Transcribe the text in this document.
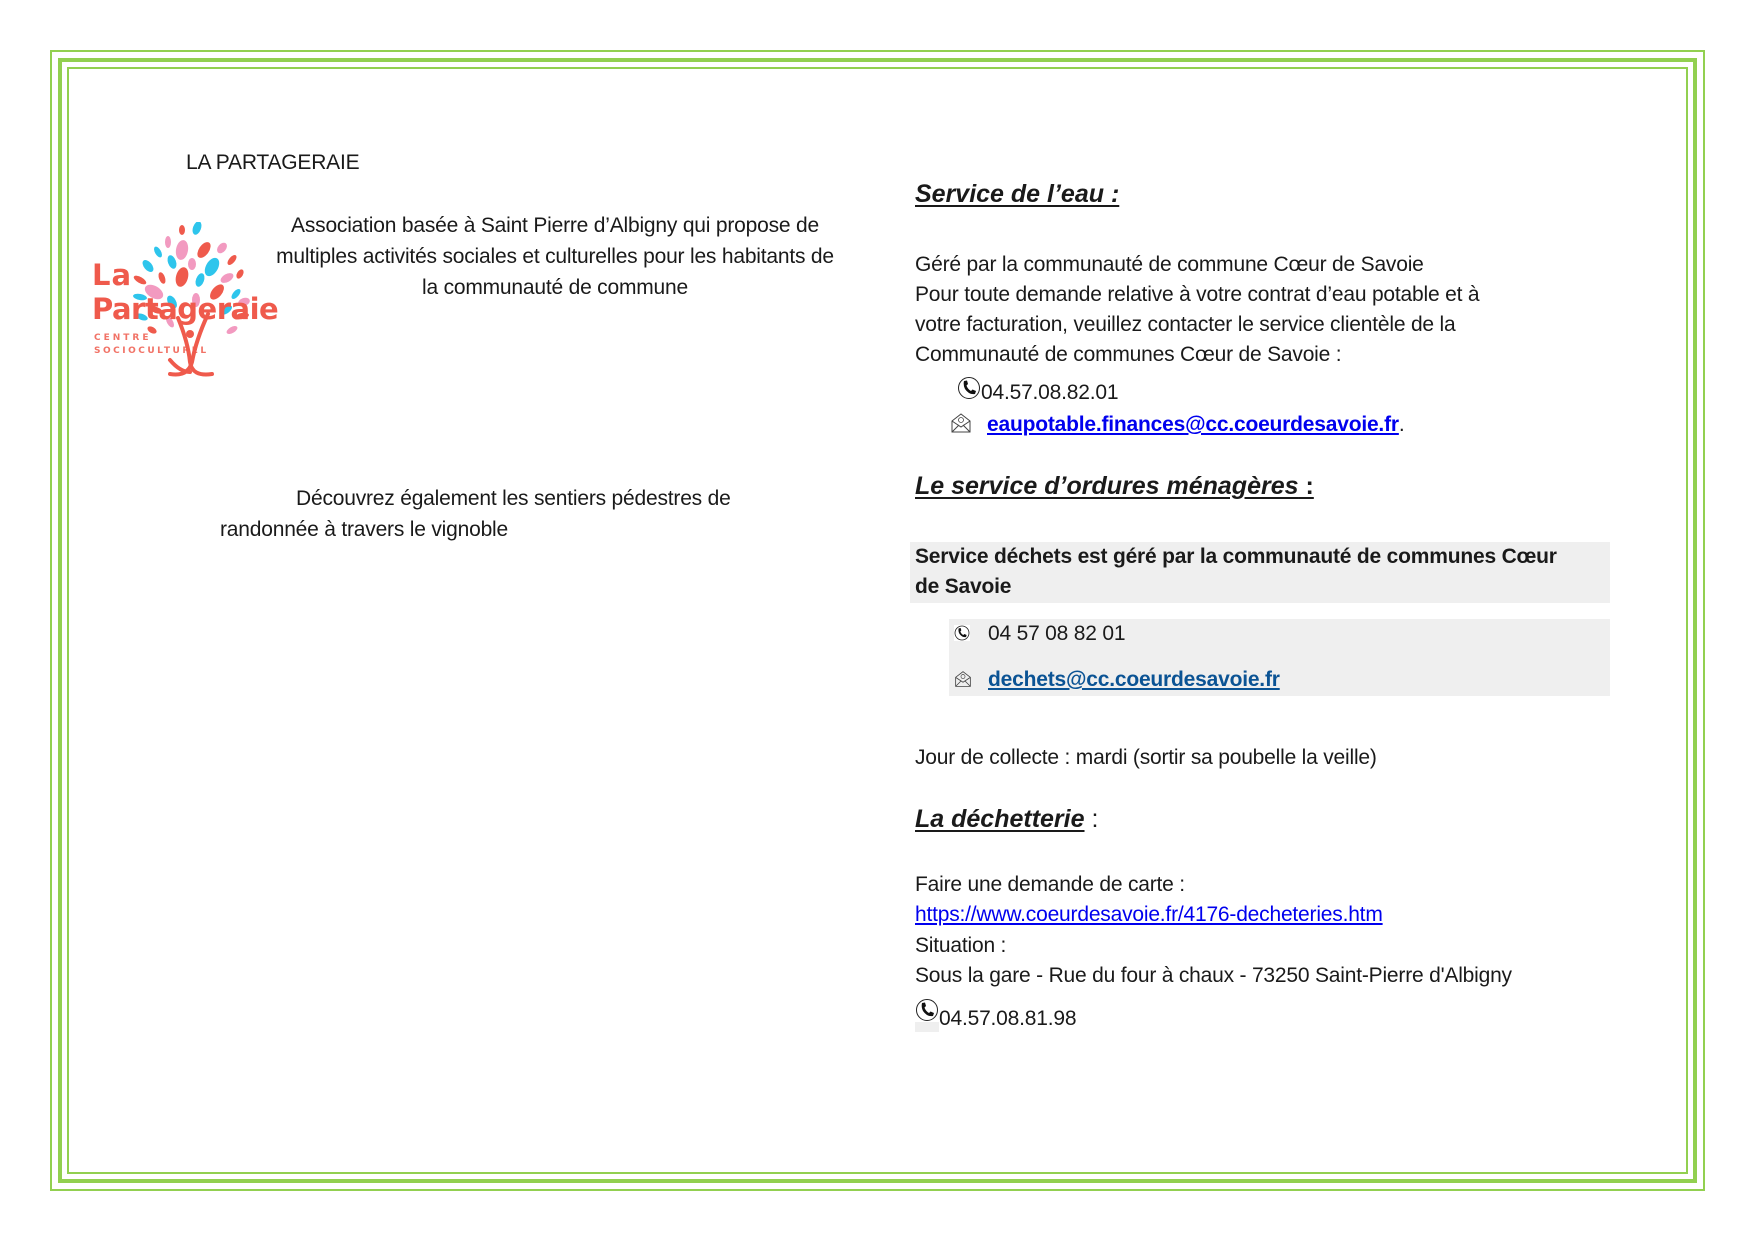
LA PARTAGERAIE
La
Partageraie
CENTRE
SOCIOCULTUREL
Association basée à Saint Pierre d’Albigny qui propose de multiples activités sociales et culturelles pour les habitants de la communauté de commune
Découvrez également les sentiers pédestres de
randonnée à travers le vignoble
Service de l’eau :
Géré par la communauté de commune Cœur de Savoie
Pour toute demande relative à votre contrat d’eau potable et à
votre facturation, veuillez contacter le service clientèle de la
Communauté de communes Cœur de Savoie :
04.57.08.82.01
eaupotable.finances@cc.coeurdesavoie.fr.
Le service d’ordures ménagères :
Service déchets est géré par la communauté de communes Cœur
de Savoie
04 57 08 82 01
dechets@cc.coeurdesavoie.fr
Jour de collecte : mardi (sortir sa poubelle la veille)
La déchetterie :
Faire une demande de carte :
https://www.coeurdesavoie.fr/4176-decheteries.htm
Situation :
Sous la gare - Rue du four à chaux - 73250 Saint-Pierre d'Albigny
04.57.08.81.98
